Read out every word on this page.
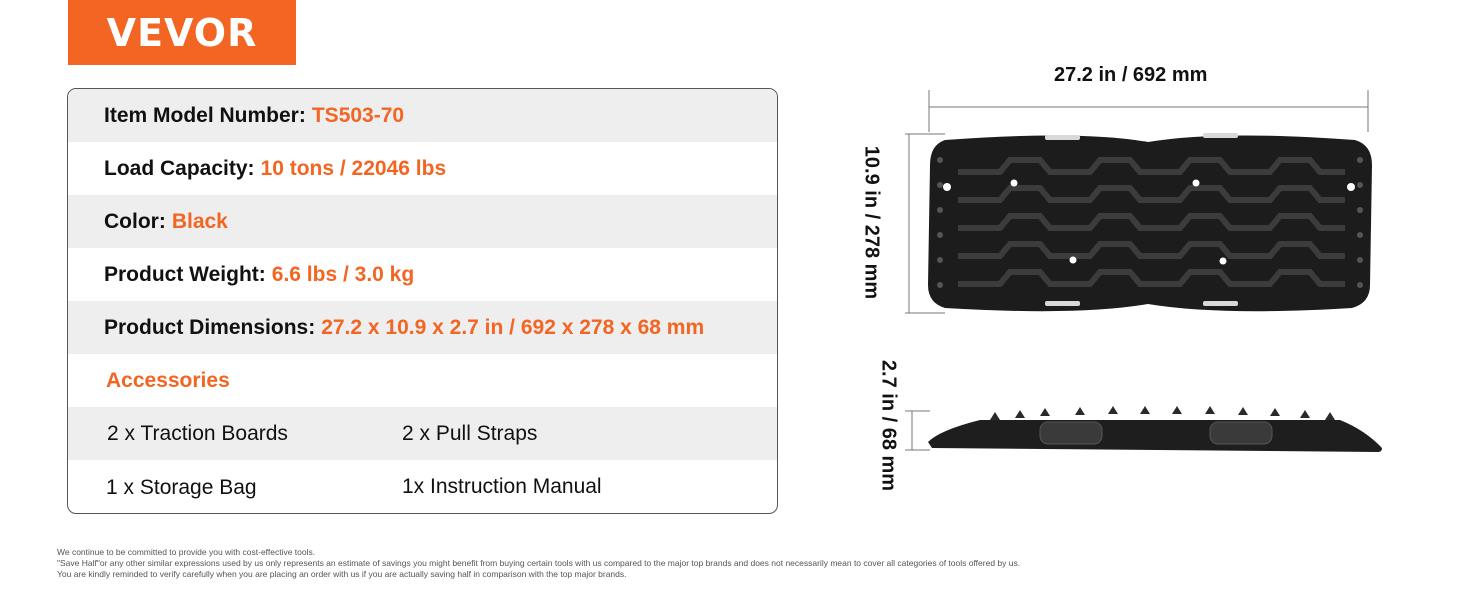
VEVOR
Item Model Number: TS503-70
Load Capacity: 10 tons / 22046 lbs
Color: Black
Product Weight: 6.6 lbs / 3.0 kg
Product Dimensions: 27.2 x 10.9 x 2.7 in / 692 x 278 x 68 mm
Accessories
2 x Traction Boards	2 x Pull Straps
1 x Storage Bag	1x Instruction Manual
27.2 in / 692 mm
10.9 in / 278 mm
2.7 in / 68 mm
We continue to be committed to provide you with cost-effective tools.
"Save Half"or any other similar expressions used by us only represents an estimate of savings you might benefit from buying certain tools with us compared to the major top brands and does not necessarily mean to cover all categories of tools offered by us.
You are kindly reminded to verify carefully when you are placing an order with us if you are actually saving half in comparison with the top major brands.
